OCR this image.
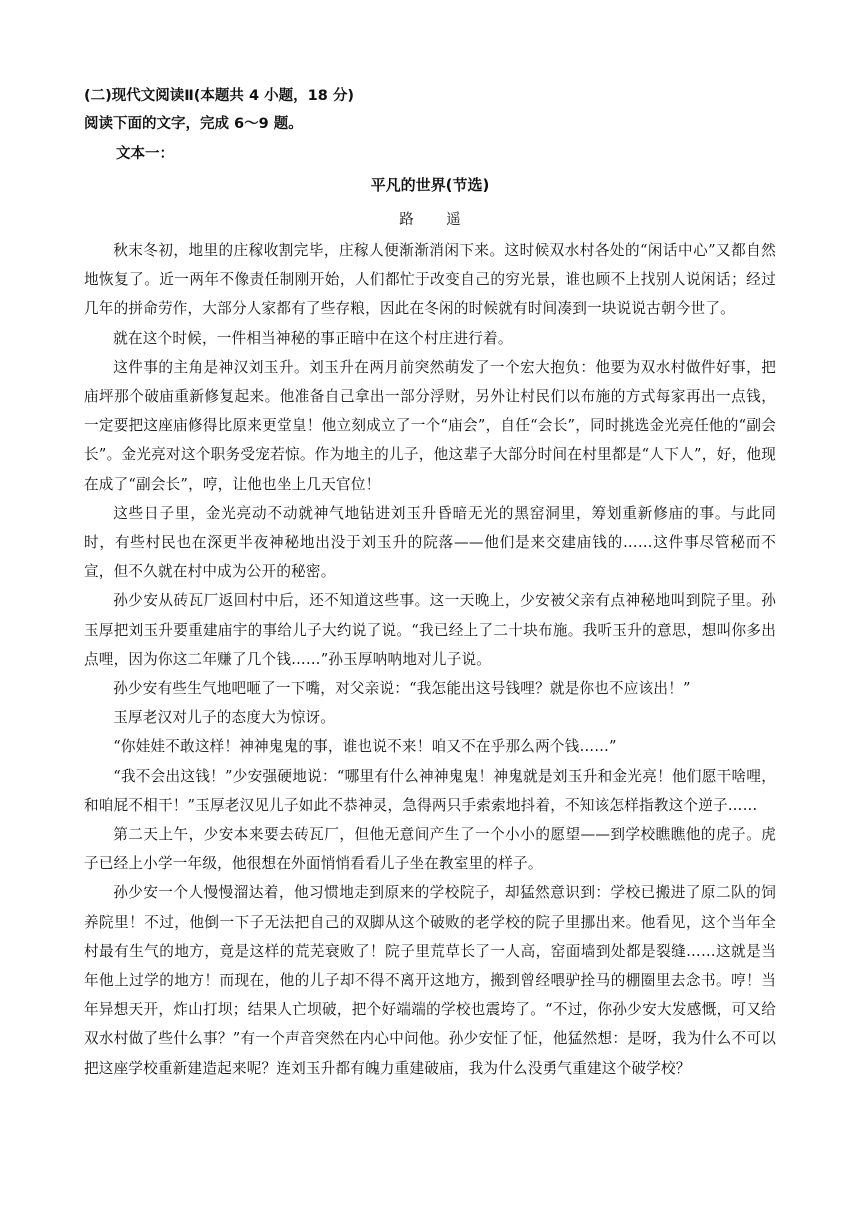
(二)现代文阅读Ⅱ(本题共 4 小题，18 分)
阅读下面的文字，完成 6～9 题。
文本一：
平凡的世界(节选)
路 遥

秋末冬初，地里的庄稼收割完毕，庄稼人便渐渐消闲下来。这时候双水村各处的“闲话中心”又都自然地恢复了。近一两年不像责任制刚开始，人们都忙于改变自己的穷光景，谁也顾不上找别人说闲话；经过几年的拼命劳作，大部分人家都有了些存粮，因此在冬闲的时候就有时间凑到一块说说古朝今世了。

就在这个时候，一件相当神秘的事正暗中在这个村庄进行着。

这件事的主角是神汉刘玉升。刘玉升在两月前突然萌发了一个宏大抱负：他要为双水村做件好事，把庙坪那个破庙重新修复起来。他准备自己拿出一部分浮财，另外让村民们以布施的方式每家再出一点钱，一定要把这座庙修得比原来更堂皇！他立刻成立了一个“庙会”，自任“会长”，同时挑选金光亮任他的“副会长”。金光亮对这个职务受宠若惊。作为地主的儿子，他这辈子大部分时间在村里都是“人下人”，好，他现在成了“副会长”，哼，让他也坐上几天官位！

这些日子里，金光亮动不动就神气地钻进刘玉升昏暗无光的黑窑洞里，筹划重新修庙的事。与此同时，有些村民也在深更半夜神秘地出没于刘玉升的院落——他们是来交建庙钱的……这件事尽管秘而不宣，但不久就在村中成为公开的秘密。

孙少安从砖瓦厂返回村中后，还不知道这些事。这一天晚上，少安被父亲有点神秘地叫到院子里。孙玉厚把刘玉升要重建庙宇的事给儿子大约说了说。“我已经上了二十块布施。我听玉升的意思，想叫你多出点哩，因为你这二年赚了几个钱……”孙玉厚呐呐地对儿子说。

孙少安有些生气地吧咂了一下嘴，对父亲说：“我怎能出这号钱哩？就是你也不应该出！”

玉厚老汉对儿子的态度大为惊讶。

“你娃娃不敢这样！神神鬼鬼的事，谁也说不来！咱又不在乎那么两个钱……”

“我不会出这钱！”少安强硬地说：“哪里有什么神神鬼鬼！神鬼就是刘玉升和金光亮！他们愿干啥哩，和咱屁不相干！”玉厚老汉见儿子如此不恭神灵，急得两只手索索地抖着，不知该怎样指教这个逆子……

第二天上午，少安本来要去砖瓦厂，但他无意间产生了一个小小的愿望——到学校瞧瞧他的虎子。虎子已经上小学一年级，他很想在外面悄悄看看儿子坐在教室里的样子。

孙少安一个人慢慢溜达着，他习惯地走到原来的学校院子，却猛然意识到：学校已搬进了原二队的饲养院里！不过，他倒一下子无法把自己的双脚从这个破败的老学校的院子里挪出来。他看见，这个当年全村最有生气的地方，竟是这样的荒芜衰败了！院子里荒草长了一人高，窑面墙到处都是裂缝……这就是当年他上过学的地方！而现在，他的儿子却不得不离开这地方，搬到曾经喂驴拴马的棚圈里去念书。哼！当年异想天开，炸山打坝；结果人亡坝破，把个好端端的学校也震垮了。“不过，你孙少安大发感慨，可又给双水村做了些什么事？”有一个声音突然在内心中问他。孙少安怔了怔，他猛然想：是呀，我为什么不可以把这座学校重新建造起来呢？连刘玉升都有魄力重建破庙，我为什么没勇气重建这个破学校？
